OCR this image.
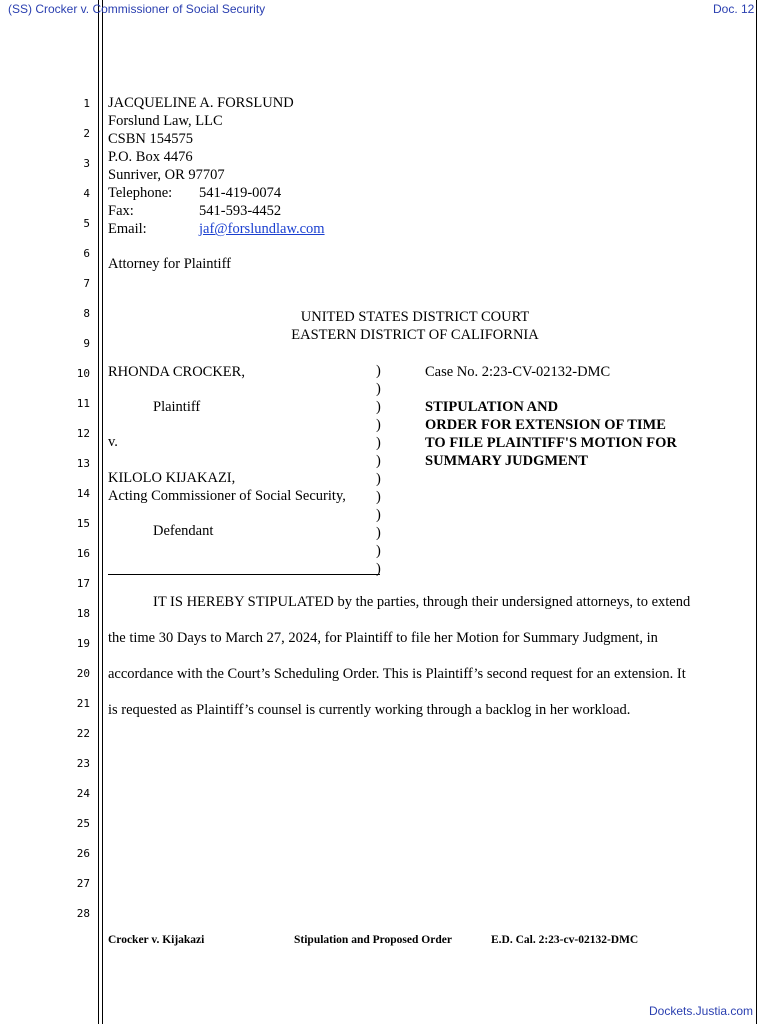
(SS) Crocker v. Commissioner of Social Security	Doc. 12
1
2
3
4
5
6
7
8
9
10
11
12
13
14
15
16
17
18
19
20
21
22
23
24
25
26
27
28
JACQUELINE A. FORSLUND
Forslund Law, LLC
CSBN 154575
P.O. Box 4476
Sunriver, OR 97707
Telephone: 541-419-0074
Fax:	541-593-4452
Email:	jaf@forslundlaw.com
Attorney for Plaintiff
UNITED STATES DISTRICT COURT
EASTERN DISTRICT OF CALIFORNIA
RHONDA CROCKER,
Plaintiff
v.
KILOLO KIJAKAZI,
Acting Commissioner of Social Security,
Defendant
)
)
)
)
)
)
)
)
)
)
)
)
Case No. 2:23-CV-02132-DMC
STIPULATION AND
ORDER FOR EXTENSION OF TIME
TO FILE PLAINTIFF'S MOTION FOR
SUMMARY JUDGMENT
IT IS HEREBY STIPULATED by the parties, through their undersigned attorneys, to extend
the time 30 Days to March 27, 2024, for Plaintiff to file her Motion for Summary Judgment, in
accordance with the Court’s Scheduling Order. This is Plaintiff’s second request for an extension. It
is requested as Plaintiff’s counsel is currently working through a backlog in her workload.
Crocker v. Kijakazi	Stipulation and Proposed Order	E.D. Cal. 2:23-cv-02132-DMC
Dockets.Justia.com
